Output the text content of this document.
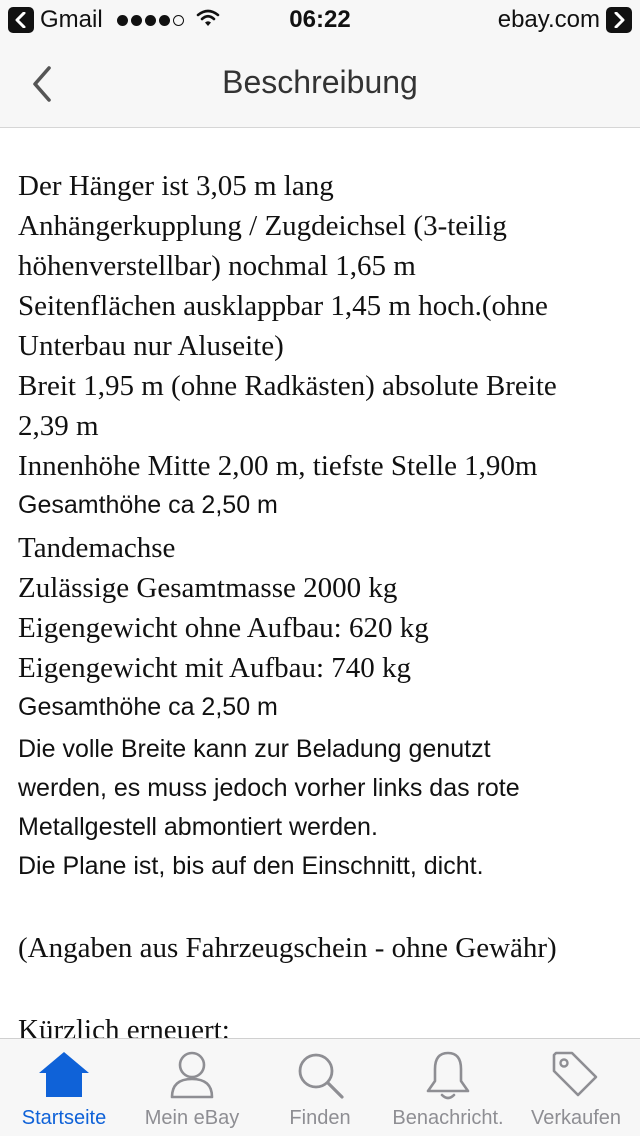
Gmail	06:22	ebay.com
Beschreibung
Der Hänger ist 3,05 m lang
Anhängerkupplung / Zugdeichsel (3-teilig
höhenverstellbar) nochmal 1,65 m
Seitenflächen ausklappbar 1,45 m hoch.(ohne
Unterbau nur Aluseite)
Breit 1,95 m (ohne Radkästen) absolute Breite
2,39 m
Innenhöhe Mitte 2,00 m, tiefste Stelle 1,90m
Gesamthöhe ca 2,50 m
Tandemachse
Zulässige Gesamtmasse 2000 kg
Eigengewicht ohne Aufbau: 620 kg
Eigengewicht mit Aufbau: 740 kg
Gesamthöhe ca 2,50 m
Die volle Breite kann zur Beladung genutzt
werden, es muss jedoch vorher links das rote
Metallgestell abmontiert werden.
Die Plane ist, bis auf den Einschnitt, dicht.
(Angaben aus Fahrzeugschein - ohne Gewähr)
Kürzlich erneuert:
Startseite Mein eBay	Finden Benachricht. Verkaufen
